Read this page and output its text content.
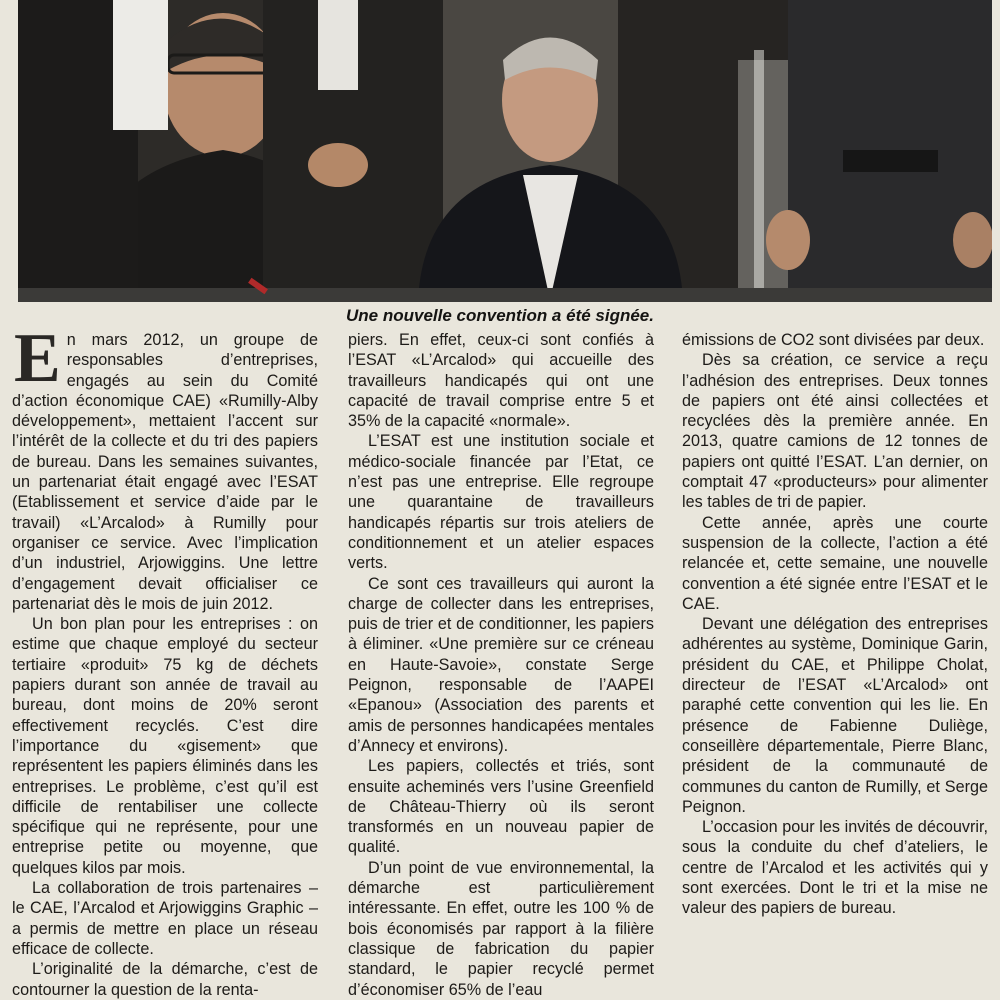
Une nouvelle convention a été signée.

En mars 2012, un groupe de responsables d’entreprises, engagés au sein du Comité d’action économique CAE) «Rumilly-Alby développement», mettaient l’accent sur l’intérêt de la collecte et du tri des papiers de bureau. Dans les semaines suivantes, un partenariat était engagé avec l’ESAT (Etablissement et service d’aide par le travail) «L’Arcalod» à Rumilly pour organiser ce service. Avec l’implication d’un industriel, Arjowiggins. Une lettre d’engagement devait officialiser ce partenariat dès le mois de juin 2012.

Un bon plan pour les entreprises : on estime que chaque employé du secteur tertiaire «produit» 75 kg de déchets papiers durant son année de travail au bureau, dont moins de 20% seront effectivement recyclés. C’est dire l’importance du «gisement» que représentent les papiers éliminés dans les entreprises. Le problème, c’est qu’il est difficile de rentabiliser une collecte spécifique qui ne représente, pour une entreprise petite ou moyenne, que quelques kilos par mois.

La collaboration de trois partenaires – le CAE, l’Arcalod et Arjowiggins Graphic – a permis de mettre en place un réseau efficace de collecte.

L’originalité de la démarche, c’est de contourner la question de la renta-

piers. En effet, ceux-ci sont confiés à l’ESAT «L’Arcalod» qui accueille des travailleurs handicapés qui ont une capacité de travail comprise entre 5 et 35% de la capacité «normale».

L’ESAT est une institution sociale et médico-sociale financée par l’Etat, ce n’est pas une entreprise. Elle regroupe une quarantaine de travailleurs handicapés répartis sur trois ateliers de conditionnement et un atelier espaces verts.

Ce sont ces travailleurs qui auront la charge de collecter dans les entreprises, puis de trier et de conditionner, les papiers à éliminer. «Une première sur ce créneau en Haute-Savoie», constate Serge Peignon, responsable de l’AAPEI «Epanou» (Association des parents et amis de personnes handicapées mentales d’Annecy et environs).

Les papiers, collectés et triés, sont ensuite acheminés vers l’usine Greenfield de Château-Thierry où ils seront transformés en un nouveau papier de qualité.

D’un point de vue environnemental, la démarche est particulièrement intéressante. En effet, outre les 100 % de bois économisés par rapport à la filière classique de fabrication du papier standard, le papier recyclé permet d’économiser 65% de l’eau

émissions de CO2 sont divisées par deux.

Dès sa création, ce service a reçu l’adhésion des entreprises. Deux tonnes de papiers ont été ainsi collectées et recyclées dès la première année. En 2013, quatre camions de 12 tonnes de papiers ont quitté l’ESAT. L’an dernier, on comptait 47 «producteurs» pour alimenter les tables de tri de papier.

Cette année, après une courte suspension de la collecte, l’action a été relancée et, cette semaine, une nouvelle convention a été signée entre l’ESAT et le CAE.

Devant une délégation des entreprises adhérentes au système, Dominique Garin, président du CAE, et Philippe Cholat, directeur de l’ESAT «L’Arcalod» ont paraphé cette convention qui les lie. En présence de Fabienne Duliège, conseillère départementale, Pierre Blanc, président de la communauté de communes du canton de Rumilly, et Serge Peignon.

L’occasion pour les invités de découvrir, sous la conduite du chef d’ateliers, le centre de l’Arcalod et les activités qui y sont exercées. Dont le tri et la mise ne valeur des papiers de bureau.
